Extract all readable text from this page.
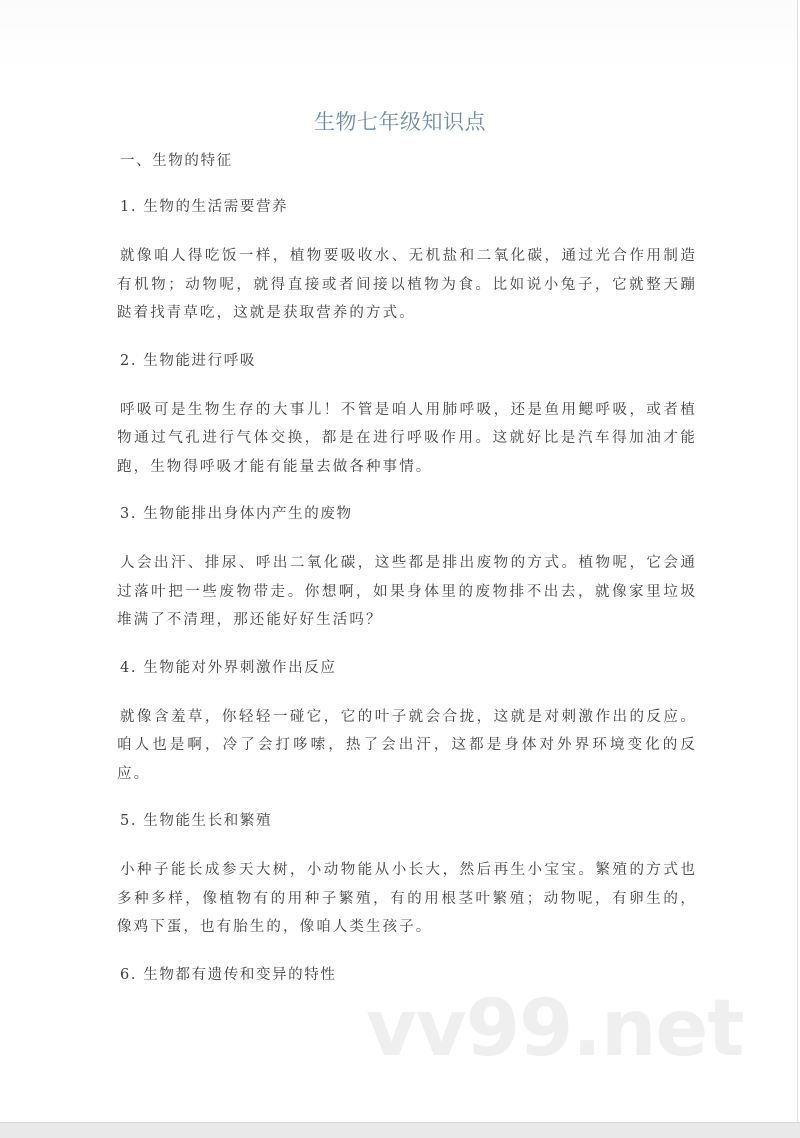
生物七年级知识点
一、生物的特征
1. 生物的生活需要营养

就像咱人得吃饭一样，植物要吸收水、无机盐和二氧化碳，通过光合作用制造有机物；动物呢，就得直接或者间接以植物为食。比如说小兔子，它就整天蹦跶着找青草吃，这就是获取营养的方式。

2. 生物能进行呼吸

呼吸可是生物生存的大事儿！不管是咱人用肺呼吸，还是鱼用鳃呼吸，或者植物通过气孔进行气体交换，都是在进行呼吸作用。这就好比是汽车得加油才能跑，生物得呼吸才能有能量去做各种事情。

3. 生物能排出身体内产生的废物

人会出汗、排尿、呼出二氧化碳，这些都是排出废物的方式。植物呢，它会通过落叶把一些废物带走。你想啊，如果身体里的废物排不出去，就像家里垃圾堆满了不清理，那还能好好生活吗？

4. 生物能对外界刺激作出反应

就像含羞草，你轻轻一碰它，它的叶子就会合拢，这就是对刺激作出的反应。咱人也是啊，冷了会打哆嗦，热了会出汗，这都是身体对外界环境变化的反应。

5. 生物能生长和繁殖

小种子能长成参天大树，小动物能从小长大，然后再生小宝宝。繁殖的方式也多种多样，像植物有的用种子繁殖，有的用根茎叶繁殖；动物呢，有卵生的，像鸡下蛋，也有胎生的，像咱人类生孩子。

6. 生物都有遗传和变异的特性
vv99.net
